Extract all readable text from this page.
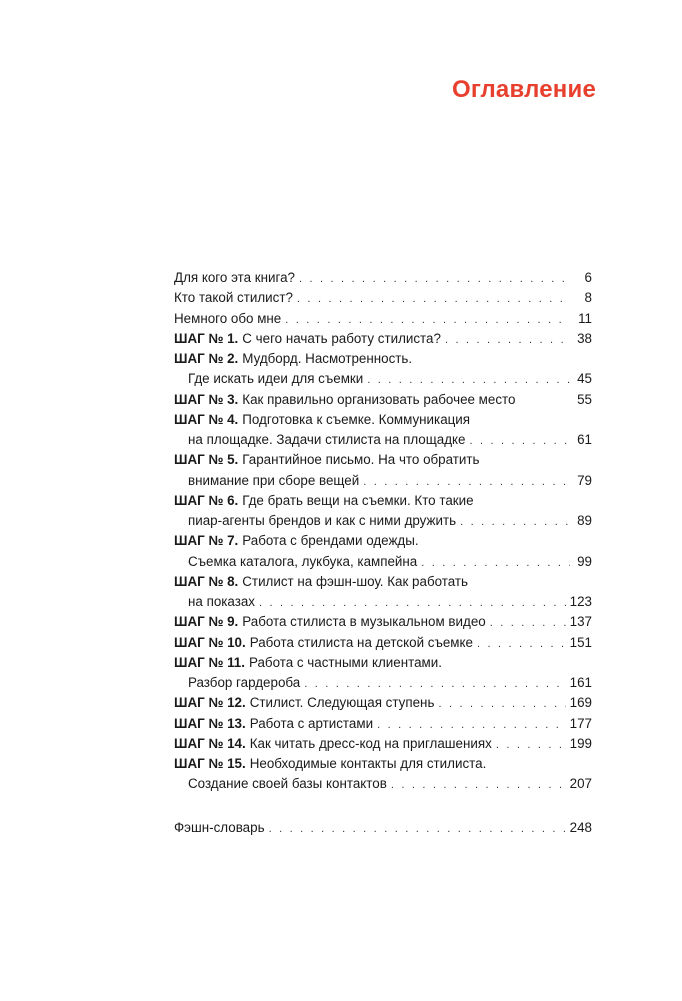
Оглавление
Для кого эта книга? . . .	6
Кто такой стилист? . . .	8
Немного обо мне . . .	11
ШАГ № 1. С чего начать работу стилиста? . . .	38
ШАГ № 2. Мудборд. Насмотренность.
Где искать идеи для съемки . . .	45
ШАГ № 3. Как правильно организовать рабочее место	55
ШАГ № 4. Подготовка к съемке. Коммуникация
на площадке. Задачи стилиста на площадке . . .	61
ШАГ № 5. Гарантийное письмо. На что обратить
внимание при сборе вещей . . .	79
ШАГ № 6. Где брать вещи на съемки. Кто такие
пиар-агенты брендов и как с ними дружить . . .	89
ШАГ № 7. Работа с брендами одежды.
Съемка каталога, лукбука, кампейна . . .	99
ШАГ № 8. Стилист на фэшн-шоу. Как работать
на показах . . .	123
ШАГ № 9. Работа стилиста в музыкальном видео . . .	137
ШАГ № 10. Работа стилиста на детской съемке . . .	151
ШАГ № 11. Работа с частными клиентами.
Разбор гардероба . . .	161
ШАГ № 12. Стилист. Следующая ступень . . .	169
ШАГ № 13. Работа с артистами . . .	177
ШАГ № 14. Как читать дресс-код на приглашениях . . .	199
ШАГ № 15. Необходимые контакты для стилиста.
Создание своей базы контактов . . .	207
Фэшн-словарь . . .	248
